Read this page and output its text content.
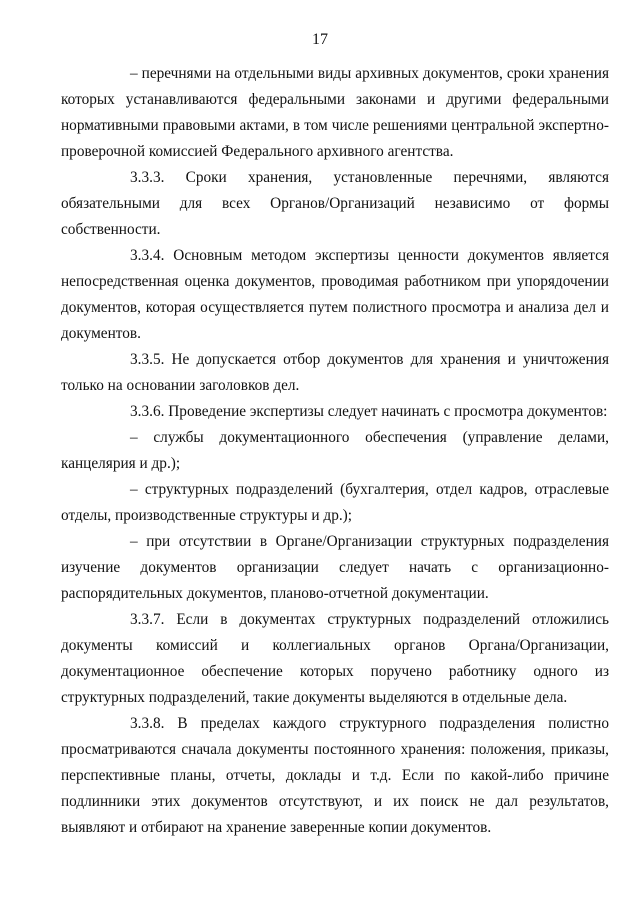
17

– перечнями на отдельными виды архивных документов, сроки хранения которых устанавливаются федеральными законами и другими федеральными нормативными правовыми актами, в том числе решениями центральной экспертно-проверочной комиссией Федерального архивного агентства.

3.3.3. Сроки хранения, установленные перечнями, являются обязательными для всех Органов/Организаций независимо от формы собственности.

3.3.4. Основным методом экспертизы ценности документов является непосредственная оценка документов, проводимая работником при упорядочении документов, которая осуществляется путем полистного просмотра и анализа дел и документов.

3.3.5. Не допускается отбор документов для хранения и уничтожения только на основании заголовков дел.

3.3.6. Проведение экспертизы следует начинать с просмотра документов:

– службы документационного обеспечения (управление делами, канцелярия и др.);

– структурных подразделений (бухгалтерия, отдел кадров, отраслевые отделы, производственные структуры и др.);

– при отсутствии в Органе/Организации структурных подразделения изучение документов организации следует начать с организационно-распорядительных документов, планово-отчетной документации.

3.3.7. Если в документах структурных подразделений отложились документы комиссий и коллегиальных органов Органа/Организации, документационное обеспечение которых поручено работнику одного из структурных подразделений, такие документы выделяются в отдельные дела.

3.3.8. В пределах каждого структурного подразделения полистно просматриваются сначала документы постоянного хранения: положения, приказы, перспективные планы, отчеты, доклады и т.д. Если по какой-либо причине подлинники этих документов отсутствуют, и их поиск не дал результатов, выявляют и отбирают на хранение заверенные копии документов.
